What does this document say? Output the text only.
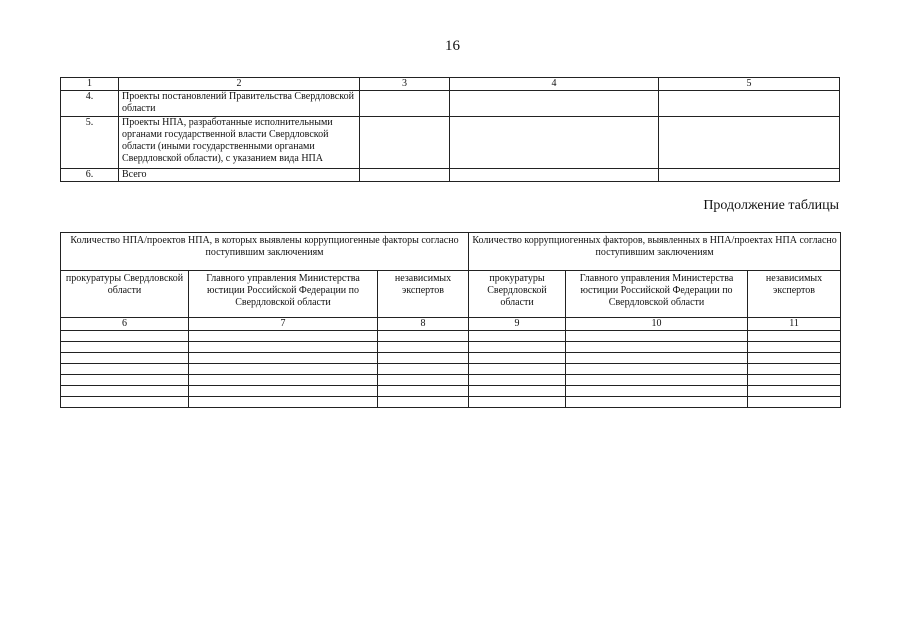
16
1	2	3	4	5
4.	Проекты постановлений Правительства Свердловской области			
5.	Проекты НПА, разработанные исполнительными органами государственной власти Свердловской области (иными государственными органами Свердловской области), с указанием вида НПА			
6.	Всего			
Продолжение таблицы
Количество НПА/проектов НПА, в которых выявлены коррупциогенные факторы согласно поступившим заключениям			Количество коррупциогенных факторов, выявленных в НПА/проектах НПА согласно поступившим заключениям		
прокуратуры Свердловской области	Главного управления Министерства юстиции Российской Федерации по Свердловской области	независимых экспертов	прокуратуры Свердловской области	Главного управления Министерства юстиции Российской Федерации по Свердловской области	независимых экспертов
6	7	8	9	10	11
